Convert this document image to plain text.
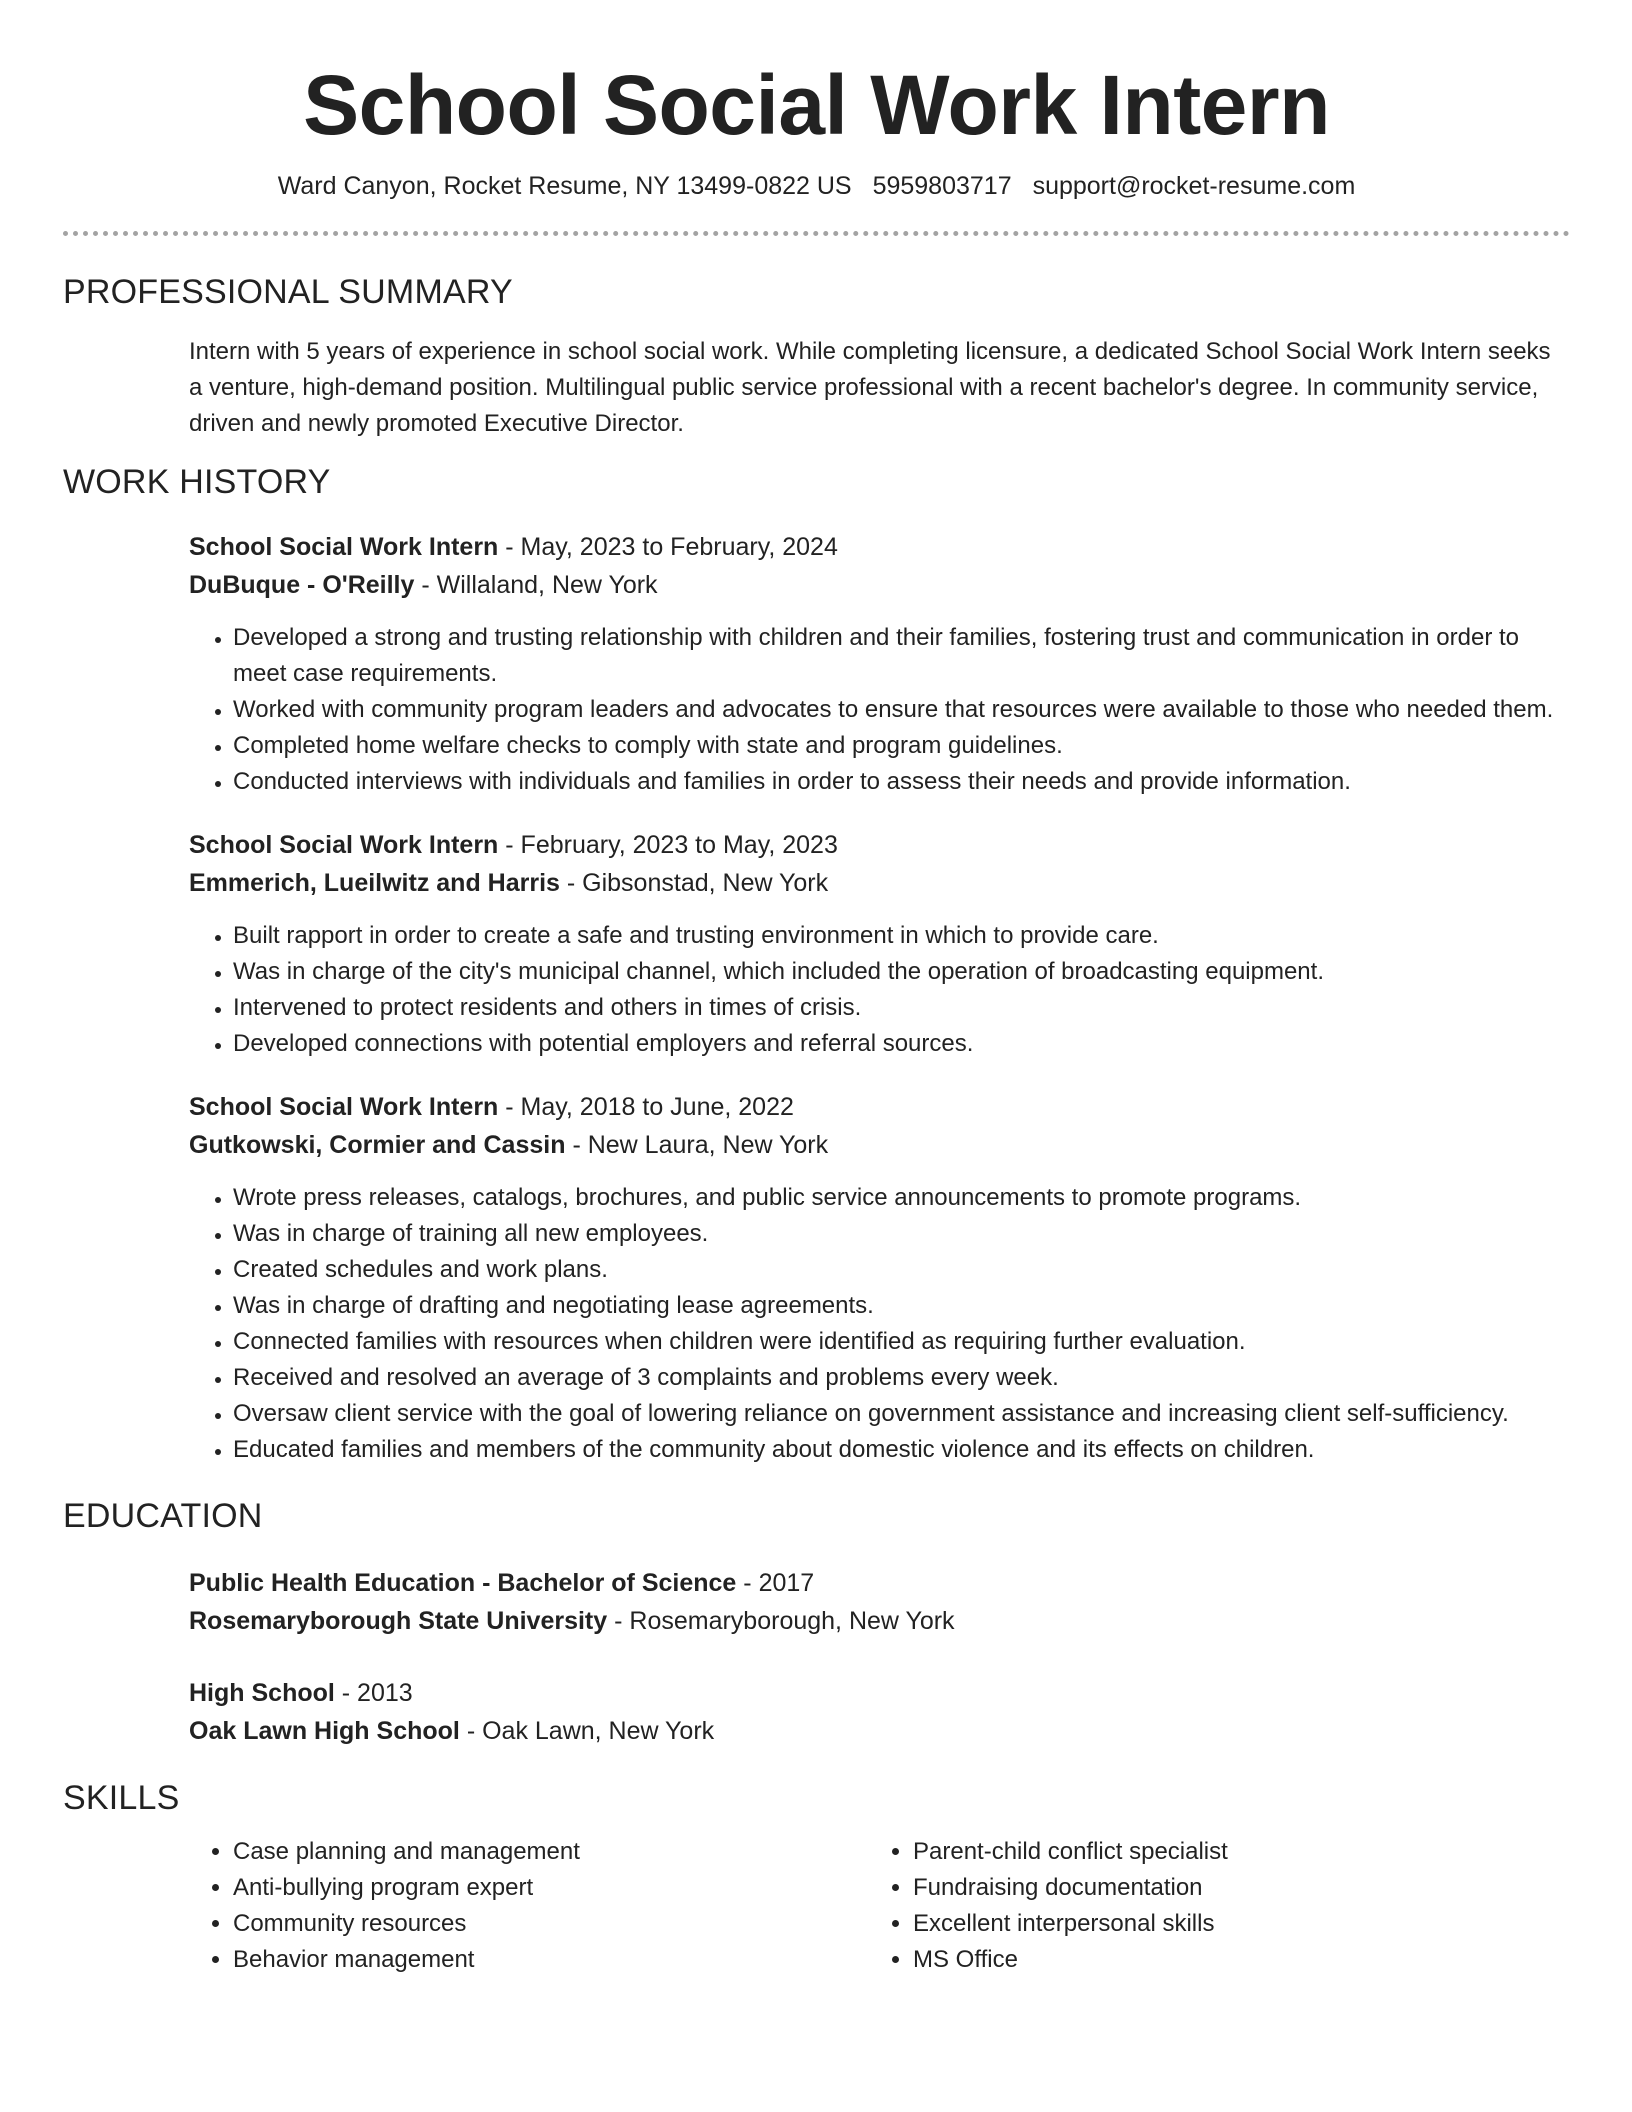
School Social Work Intern
Ward Canyon, Rocket Resume, NY 13499-0822 US 5959803717 support@rocket-resume.com
PROFESSIONAL SUMMARY
Intern with 5 years of experience in school social work. While completing licensure, a dedicated School Social Work Intern seeks a venture, high-demand position. Multilingual public service professional with a recent bachelor's degree. In community service, driven and newly promoted Executive Director.
WORK HISTORY
School Social Work Intern - May, 2023 to February, 2024
DuBuque - O'Reilly - Willaland, New York
• Developed a strong and trusting relationship with children and their families, fostering trust and communication in order to meet case requirements.
• Worked with community program leaders and advocates to ensure that resources were available to those who needed them.
• Completed home welfare checks to comply with state and program guidelines.
• Conducted interviews with individuals and families in order to assess their needs and provide information.
School Social Work Intern - February, 2023 to May, 2023
Emmerich, Lueilwitz and Harris - Gibsonstad, New York
• Built rapport in order to create a safe and trusting environment in which to provide care.
• Was in charge of the city's municipal channel, which included the operation of broadcasting equipment.
• Intervened to protect residents and others in times of crisis.
• Developed connections with potential employers and referral sources.
School Social Work Intern - May, 2018 to June, 2022
Gutkowski, Cormier and Cassin - New Laura, New York
• Wrote press releases, catalogs, brochures, and public service announcements to promote programs.
• Was in charge of training all new employees.
• Created schedules and work plans.
• Was in charge of drafting and negotiating lease agreements.
• Connected families with resources when children were identified as requiring further evaluation.
• Received and resolved an average of 3 complaints and problems every week.
• Oversaw client service with the goal of lowering reliance on government assistance and increasing client self-sufficiency.
• Educated families and members of the community about domestic violence and its effects on children.
EDUCATION
Public Health Education - Bachelor of Science - 2017
Rosemaryborough State University - Rosemaryborough, New York
High School - 2013
Oak Lawn High School - Oak Lawn, New York
SKILLS
• Case planning and management
• Anti-bullying program expert
• Community resources
• Behavior management
• Parent-child conflict specialist
• Fundraising documentation
• Excellent interpersonal skills
• MS Office
